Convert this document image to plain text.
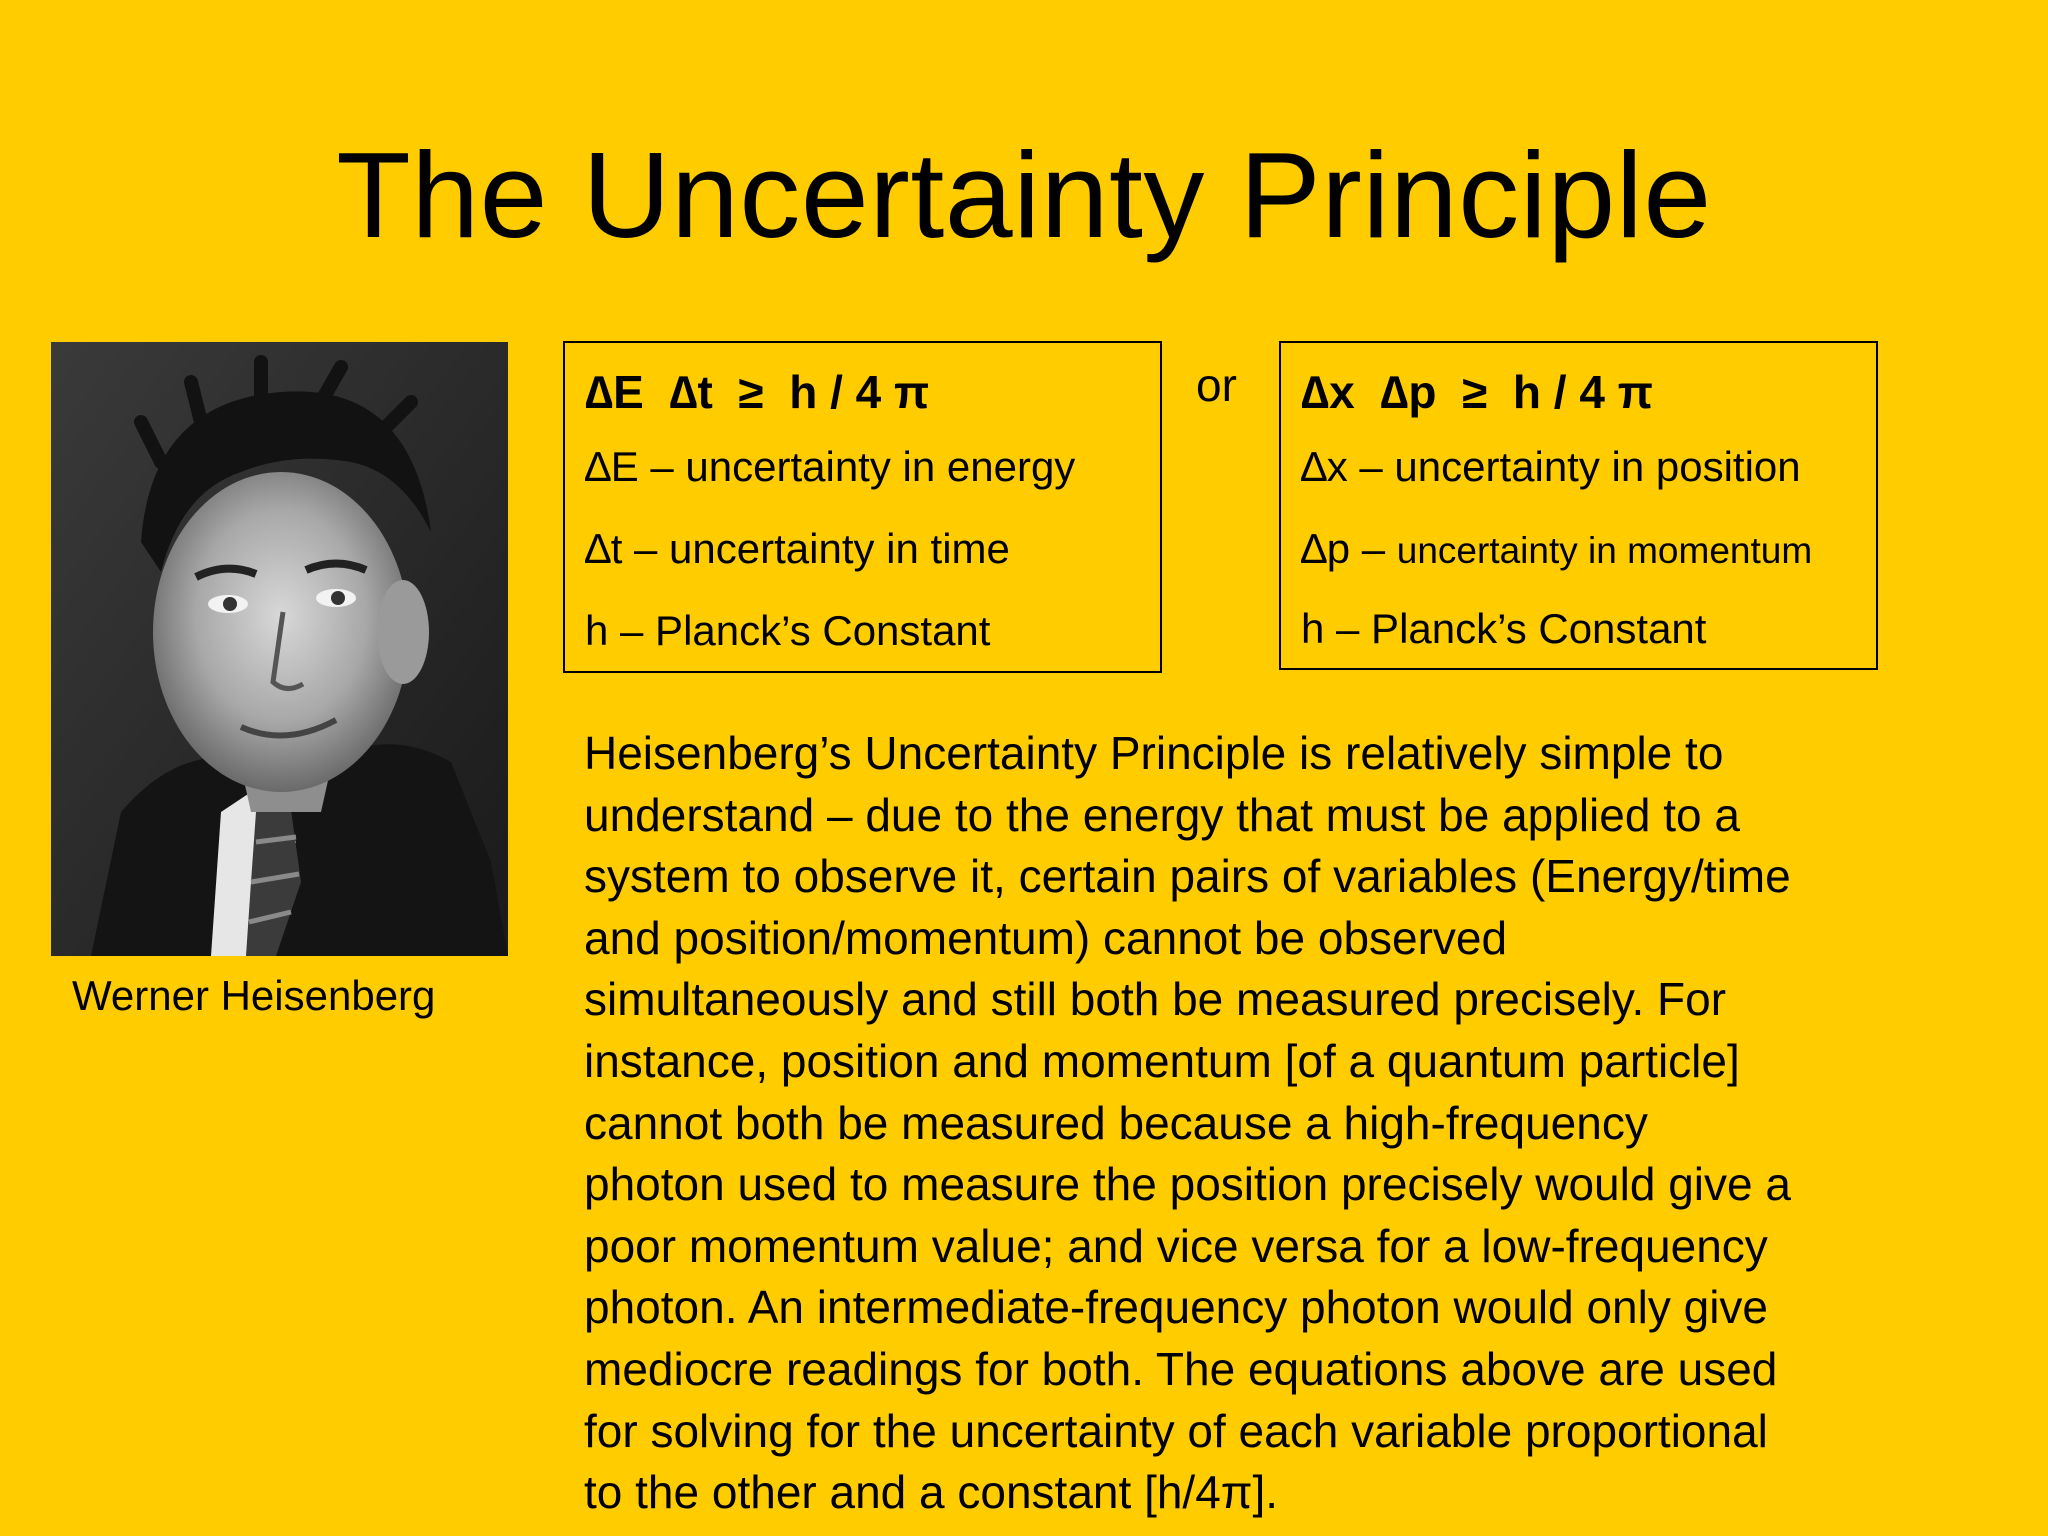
The Uncertainty Principle
Werner Heisenberg
∆E  ∆t  ≥  h / 4 π
∆E – uncertainty in energy
∆t – uncertainty in time
h – Planck’s Constant
or ∆x  ∆p  ≥  h / 4 π
∆x – uncertainty in position
∆p – uncertainty in momentum
h – Planck’s Constant
Heisenberg’s Uncertainty Principle is relatively simple to
understand – due to the energy that must be applied to a
system to observe it, certain pairs of variables (Energy/time
and position/momentum) cannot be observed
simultaneously and still both be measured precisely. For
instance, position and momentum [of a quantum particle]
cannot both be measured because a high-frequency
photon used to measure the position precisely would give a
poor momentum value; and vice versa for a low-frequency
photon. An intermediate-frequency photon would only give
mediocre readings for both. The equations above are used
for solving for the uncertainty of each variable proportional
to the other and a constant [h/4π].
